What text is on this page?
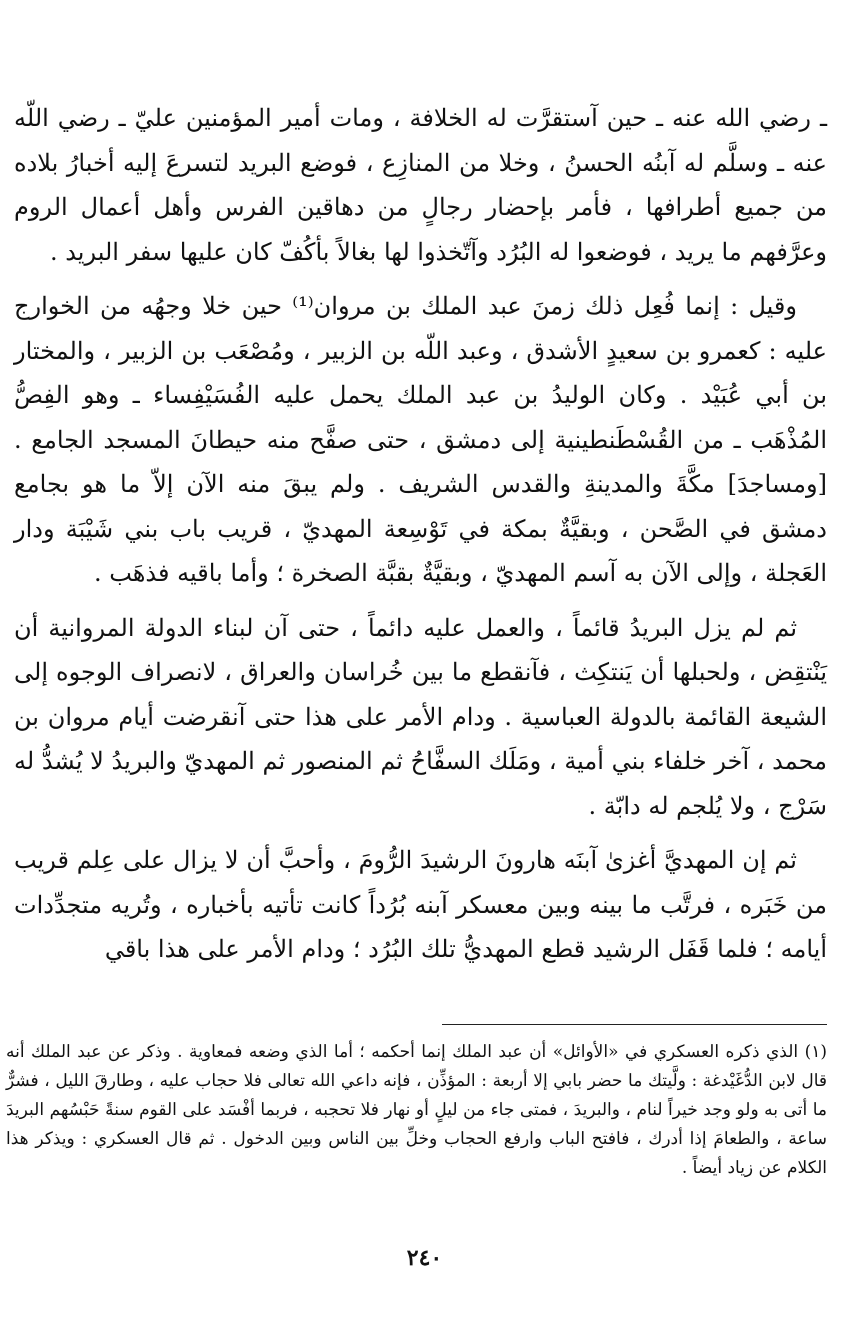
ـ رضي الله عنه ـ حين آستقرَّت له الخلافة ، ومات أمير المؤمنين عليّ ـ رضي اللّه عنه ـ وسلَّم له آبنُه الحسنُ ، وخلا من المنازِع ، فوضع البريد لتسرعَ إليه أخبارُ بلاده من جميع أطرافها ، فأمر بإحضار رجالٍ من دهاقين الفرس وأهل أعمال الروم وعرَّفهم ما يريد ، فوضعوا له البُرُد وآتّخذوا لها بغالاً بأكُفّ كان عليها سفر البريد .

وقيل : إنما فُعِل ذلك زمنَ عبد الملك بن مروان⁽¹⁾ حين خلا وجهُه من الخوارج عليه : كعمرو بن سعيدٍ الأشدق ، وعبد اللّه بن الزبير ، ومُصْعَب بن الزبير ، والمختار بن أبي عُبَيْد . وكان الوليدُ بن عبد الملك يحمل عليه الفُسَيْفِساء ـ وهو الفِصُّ المُذْهَب ـ من القُسْطَنطينية إلى دمشق ، حتى صفَّح منه حيطانَ المسجد الجامع . [ومساجدَ] مكَّةَ والمدينةِ والقدس الشريف . ولم يبقَ منه الآن إلاّ ما هو بجامع دمشق في الصَّحن ، وبقيَّةٌ بمكة في تَوْسِعة المهديّ ، قريب باب بني شَيْبَة ودار العَجلة ، وإلى الآن به آسم المهديّ ، وبقيَّةٌ بقبَّة الصخرة ؛ وأما باقيه فذهَب .

ثم لم يزل البريدُ قائماً ، والعمل عليه دائماً ، حتى آن لبناء الدولة المروانية أن يَنْتقِض ، ولحبلها أن يَنتكِث ، فآنقطع ما بين خُراسان والعراق ، لانصراف الوجوه إلى الشيعة القائمة بالدولة العباسية . ودام الأمر على هذا حتى آنقرضت أيام مروان بن محمد ، آخر خلفاء بني أمية ، ومَلَك السفَّاحُ ثم المنصور ثم المهديّ والبريدُ لا يُشدُّ له سَرْج ، ولا يُلجم له دابّة .

ثم إن المهديَّ أغزىٰ آبنَه هارونَ الرشيدَ الرُّومَ ، وأحبَّ أن لا يزال على عِلم قريب من خَبَره ، فرتَّب ما بينه وبين معسكر آبنه بُرُداً كانت تأتيه بأخباره ، وتُريه متجدِّدات أيامه ؛ فلما قَفَل الرشيد قطع المهديُّ تلك البُرُد ؛ ودام الأمر على هذا باقي

(١) الذي ذكره العسكري في «الأوائل» أن عبد الملك إنما أحكمه ؛ أما الذي وضعه فمعاوية . وذكر عن عبد الملك أنه قال لابن الدُّغَيْدغة : ولَّيتك ما حضر بابي إلا أربعة : المؤذِّن ، فإنه داعي الله تعالى فلا حجاب عليه ، وطارقَ الليل ، فشرٌّ ما أتى به ولو وجد خيراً لنام ، والبريدَ ، فمتى جاء من ليلٍ أو نهار فلا تحجبه ، فربما أفْسَد على القوم سنةً حَبْسُهم البريدَ ساعة ، والطعامَ إذا أدرك ، فافتح الباب وارفع الحجاب وخلِّ بين الناس وبين الدخول . ثم قال العسكري : ويذكر هذا الكلام عن زياد أيضاً .

٢٤٠
